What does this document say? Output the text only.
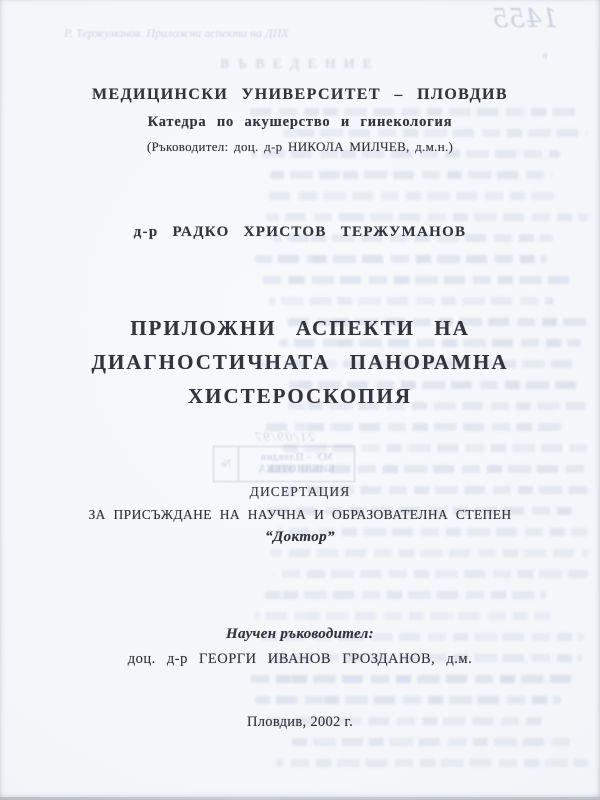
Р. Тержуманов. Приложни аспекти на ДПХ
ВЪВЕДЕНИЕ
1455
в
21/09/97
МУ – Пловдив
БИБЛИОТЕКА
№
МЕДИЦИНСКИ УНИВЕРСИТЕТ – ПЛОВДИВ
Катедра по акушерство и гинекология
(Ръководител: доц. д-р НИКОЛА МИЛЧЕВ, д.м.н.)
д-р РАДКО ХРИСТОВ ТЕРЖУМАНОВ
ПРИЛОЖНИ АСПЕКТИ НА
ДИАГНОСТИЧНАТА ПАНОРАМНА
ХИСТЕРОСКОПИЯ
ДИСЕРТАЦИЯ
ЗА ПРИСЪЖДАНЕ НА НАУЧНА И ОБРАЗОВАТЕЛНА СТЕПЕН
“Доктор”
Научен ръководител:
доц. д-р ГЕОРГИ ИВАНОВ ГРОЗДАНОВ, д.м.
Пловдив, 2002 г.
